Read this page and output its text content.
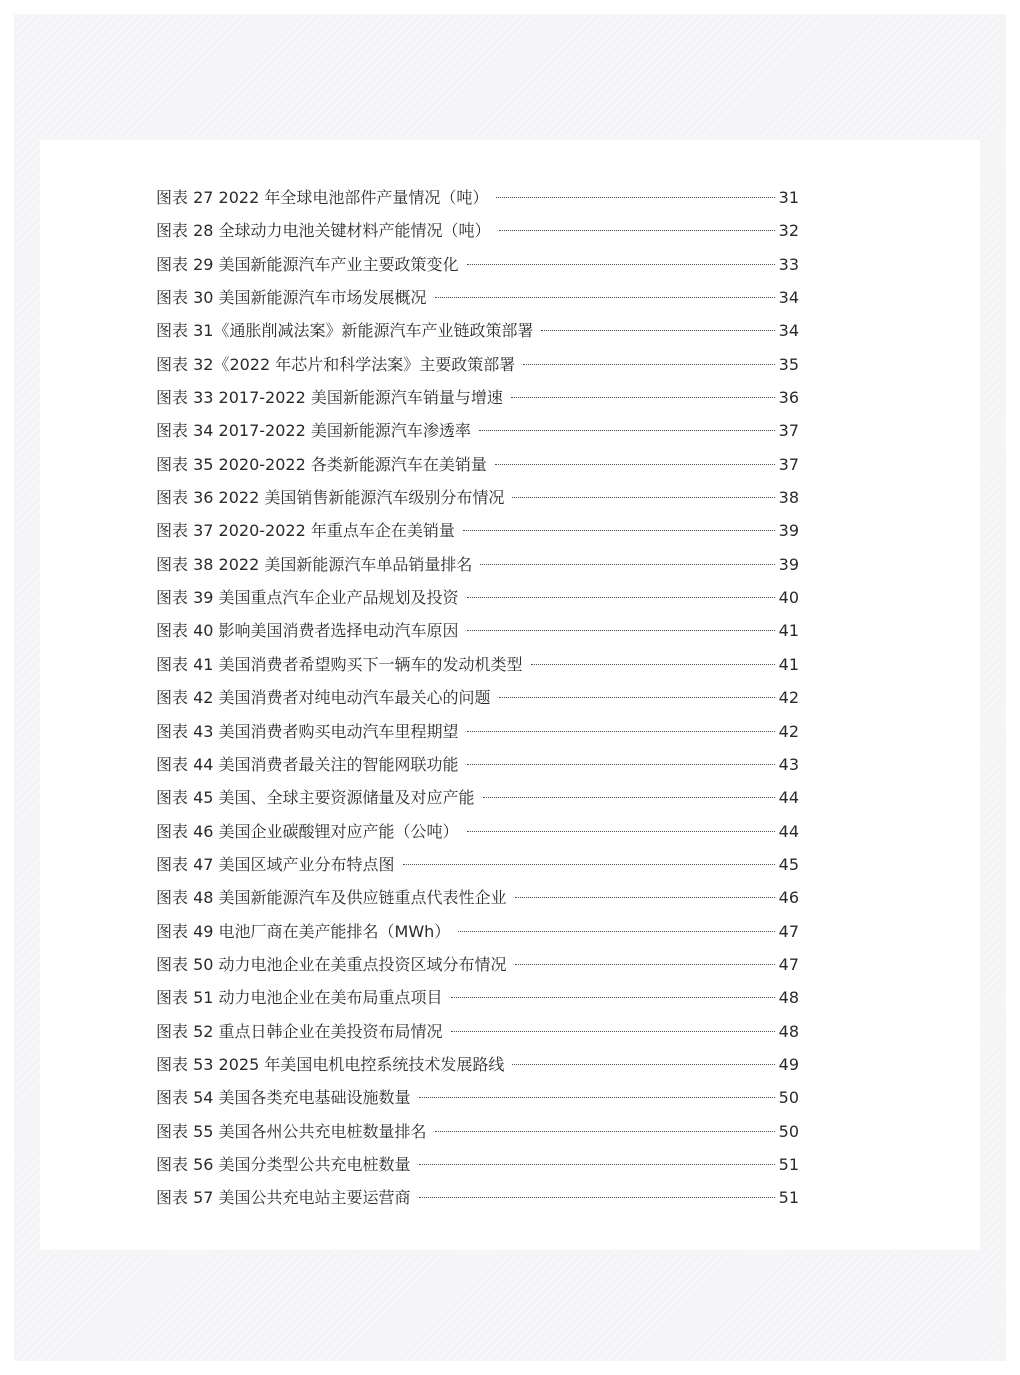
图表 27 2022 年全球电池部件产量情况（吨）	31
图表 28 全球动力电池关键材料产能情况（吨）	32
图表 29 美国新能源汽车产业主要政策变化	33
图表 30 美国新能源汽车市场发展概况	34
图表 31《通胀削减法案》新能源汽车产业链政策部署	34
图表 32《2022 年芯片和科学法案》主要政策部署	35
图表 33 2017-2022 美国新能源汽车销量与增速	36
图表 34 2017-2022 美国新能源汽车渗透率	37
图表 35 2020-2022 各类新能源汽车在美销量	37
图表 36 2022 美国销售新能源汽车级别分布情况	38
图表 37 2020-2022 年重点车企在美销量	39
图表 38 2022 美国新能源汽车单品销量排名	39
图表 39 美国重点汽车企业产品规划及投资	40
图表 40 影响美国消费者选择电动汽车原因	41
图表 41 美国消费者希望购买下一辆车的发动机类型	41
图表 42 美国消费者对纯电动汽车最关心的问题	42
图表 43 美国消费者购买电动汽车里程期望	42
图表 44 美国消费者最关注的智能网联功能	43
图表 45 美国、全球主要资源储量及对应产能	44
图表 46 美国企业碳酸锂对应产能（公吨）	44
图表 47 美国区域产业分布特点图	45
图表 48 美国新能源汽车及供应链重点代表性企业	46
图表 49 电池厂商在美产能排名（MWh）	47
图表 50 动力电池企业在美重点投资区域分布情况	47
图表 51 动力电池企业在美布局重点项目	48
图表 52 重点日韩企业在美投资布局情况	48
图表 53 2025 年美国电机电控系统技术发展路线	49
图表 54 美国各类充电基础设施数量	50
图表 55 美国各州公共充电桩数量排名	50
图表 56 美国分类型公共充电桩数量	51
图表 57 美国公共充电站主要运营商	51
